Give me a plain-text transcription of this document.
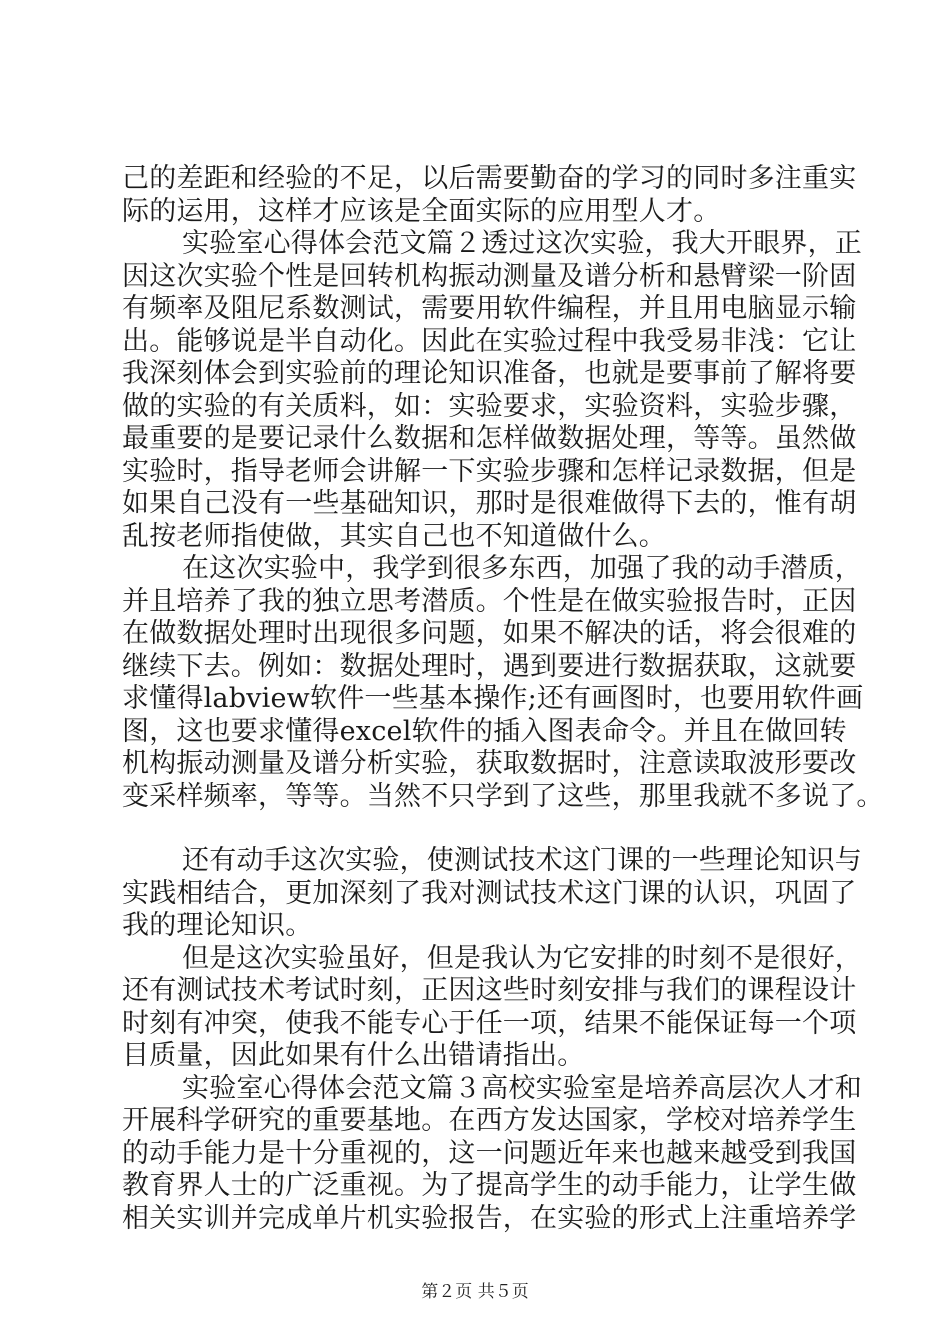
己的差距和经验的不足，以后需要勤奋的学习的同时多注重实
际的运用，这样才应该是全面实际的应用型人才。
实验室心得体会范文篇２透过这次实验，我大开眼界，正
因这次实验个性是回转机构振动测量及谱分析和悬臂梁一阶固
有频率及阻尼系数测试，需要用软件编程，并且用电脑显示输
出。能够说是半自动化。因此在实验过程中我受易非浅：它让
我深刻体会到实验前的理论知识准备，也就是要事前了解将要
做的实验的有关质料，如：实验要求，实验资料，实验步骤，
最重要的是要记录什么数据和怎样做数据处理，等等。虽然做
实验时，指导老师会讲解一下实验步骤和怎样记录数据，但是
如果自己没有一些基础知识，那时是很难做得下去的，惟有胡
乱按老师指使做，其实自己也不知道做什么。
在这次实验中，我学到很多东西，加强了我的动手潜质，
并且培养了我的独立思考潜质。个性是在做实验报告时，正因
在做数据处理时出现很多问题，如果不解决的话，将会很难的
继续下去。例如：数据处理时，遇到要进行数据获取，这就要
求懂得labview软件一些基本操作;还有画图时，也要用软件画
图，这也要求懂得excel软件的插入图表命令。并且在做回转
机构振动测量及谱分析实验，获取数据时，注意读取波形要改
变采样频率，等等。当然不只学到了这些，那里我就不多说了。
还有动手这次实验，使测试技术这门课的一些理论知识与
实践相结合，更加深刻了我对测试技术这门课的认识，巩固了
我的理论知识。
但是这次实验虽好，但是我认为它安排的时刻不是很好，
还有测试技术考试时刻，正因这些时刻安排与我们的课程设计
时刻有冲突，使我不能专心于任一项，结果不能保证每一个项
目质量，因此如果有什么出错请指出。
实验室心得体会范文篇３高校实验室是培养高层次人才和
开展科学研究的重要基地。在西方发达国家，学校对培养学生
的动手能力是十分重视的，这一问题近年来也越来越受到我国
教育界人士的广泛重视。为了提高学生的动手能力，让学生做
相关实训并完成单片机实验报告，在实验的形式上注重培养学
第２页 共５页
